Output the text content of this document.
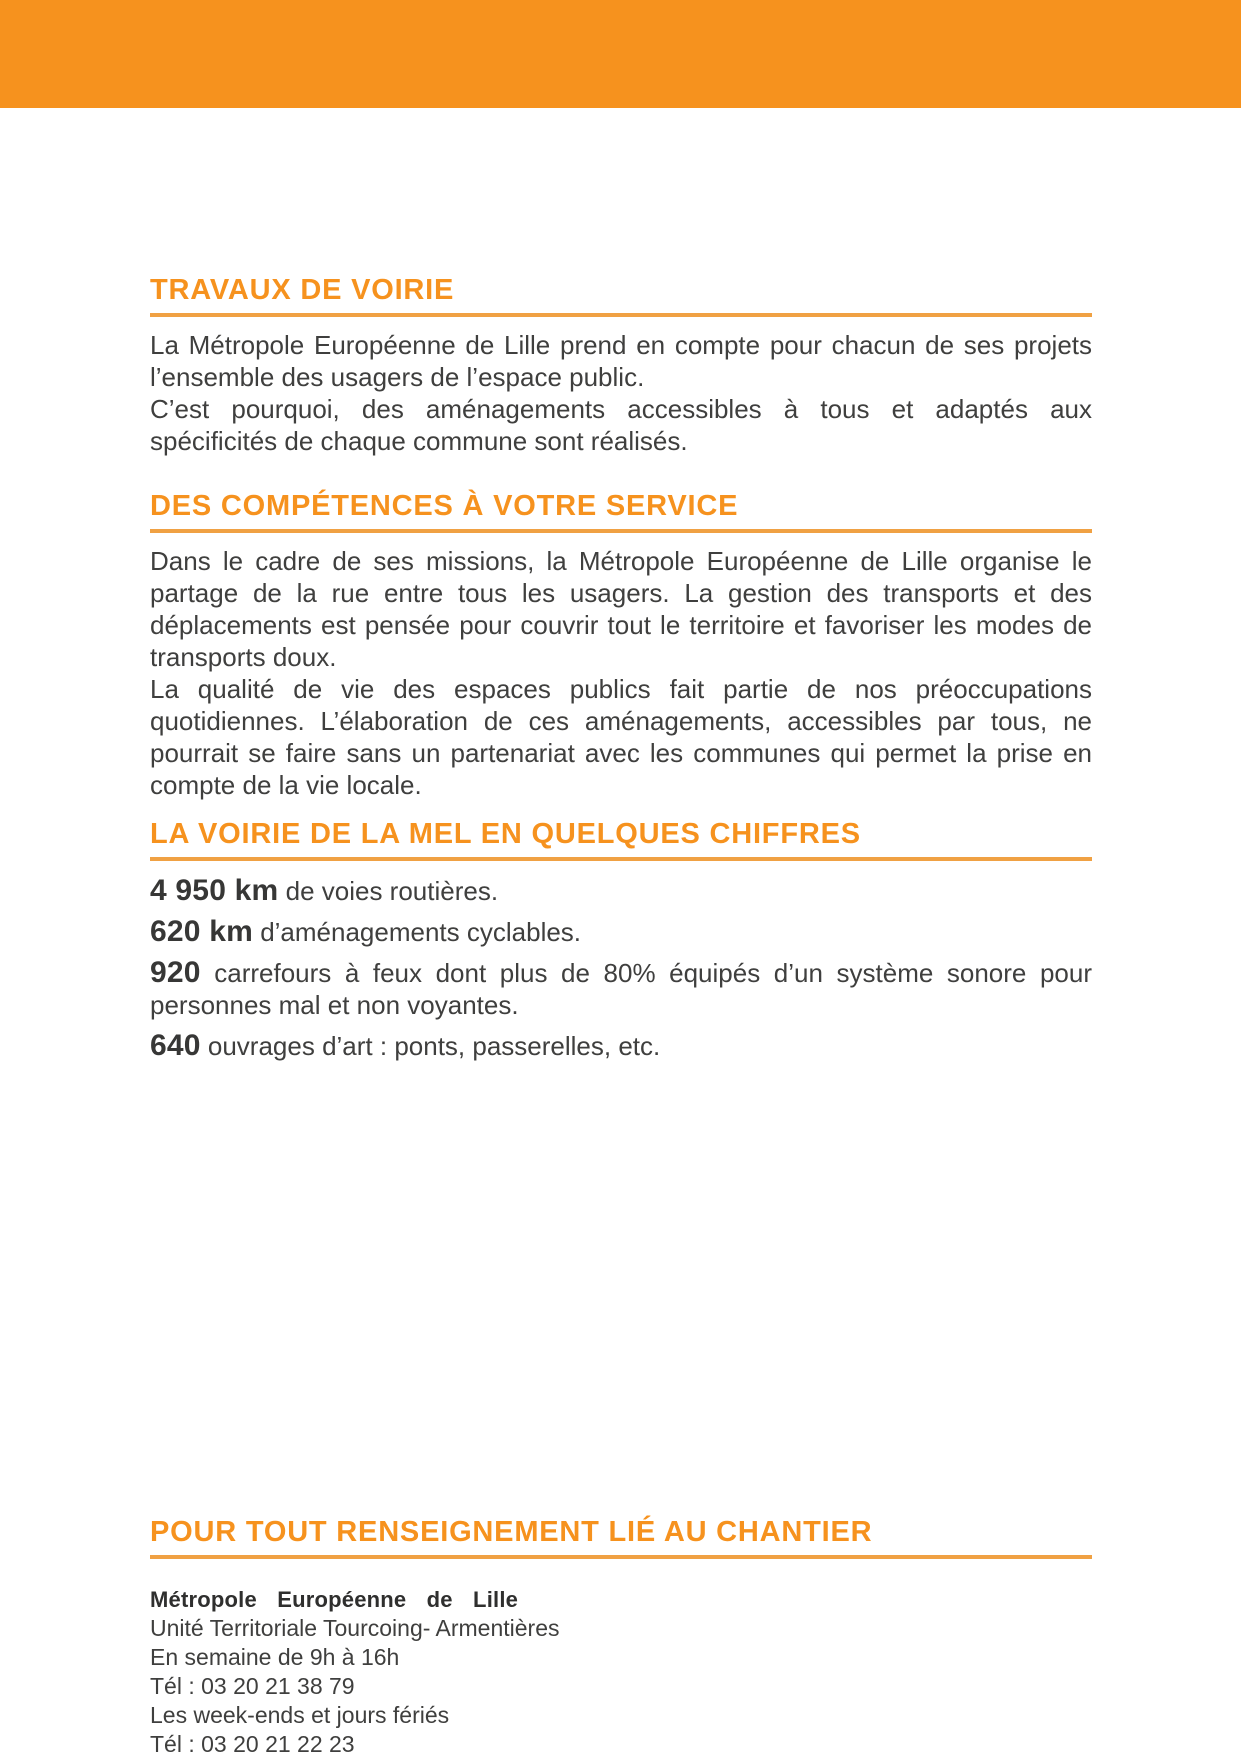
TRAVAUX DE VOIRIE

La Métropole Européenne de Lille prend en compte pour chacun de ses projets l’ensemble des usagers de l’espace public.

C’est pourquoi, des aménagements accessibles à tous et adaptés aux spécificités de chaque commune sont réalisés.

DES COMPÉTENCES À VOTRE SERVICE

Dans le cadre de ses missions, la Métropole Européenne de Lille organise le partage de la rue entre tous les usagers. La gestion des transports et des déplacements est pensée pour couvrir tout le territoire et favoriser les modes de transports doux.

La qualité de vie des espaces publics fait partie de nos préoccupations quotidiennes. L’élaboration de ces aménagements, accessibles par tous, ne pourrait se faire sans un partenariat avec les communes qui permet la prise en compte de la vie locale.

LA VOIRIE DE LA MEL EN QUELQUES CHIFFRES

4 950 km de voies routières.

620 km d’aménagements cyclables.

920 carrefours à feux dont plus de 80% équipés d’un système sonore pour personnes mal et non voyantes.

640 ouvrages d’art : ponts, passerelles, etc.

POUR TOUT RENSEIGNEMENT LIÉ AU CHANTIER
Métropole Européenne de Lille
Unité Territoriale Tourcoing- Armentières
En semaine de 9h à 16h
Tél : 03 20 21 38 79
Les week-ends et jours fériés
Tél : 03 20 21 22 23
